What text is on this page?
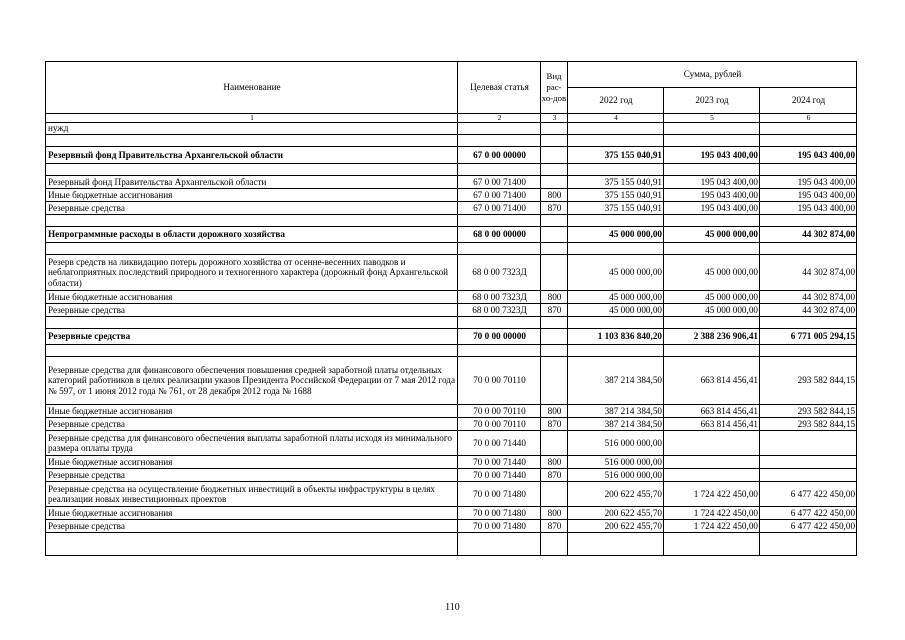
Наименование	Целевая статья	Вид рас-хо-дов	Сумма, рублей		
			2022 год	2023 год	2024 год
1	2	3	4	5	6
нужд					

Резервный фонд Правительства Архангельской области	67 0 00 00000		375 155 040,91	195 043 400,00	195 043 400,00

Резервный фонд Правительства Архангельской области	67 0 00 71400		375 155 040,91	195 043 400,00	195 043 400,00
Иные бюджетные ассигнования	67 0 00 71400	800	375 155 040,91	195 043 400,00	195 043 400,00
Резервные средства	67 0 00 71400	870	375 155 040,91	195 043 400,00	195 043 400,00

Непрограммные расходы в области дорожного хозяйства	68 0 00 00000		45 000 000,00	45 000 000,00	44 302 874,00

Резерв средств на ликвидацию потерь дорожного хозяйства от осенне-весенних паводков и неблагоприятных последствий природного и техногенного характера (дорожный фонд Архангельской области)	68 0 00 7323Д		45 000 000,00	45 000 000,00	44 302 874,00
Иные бюджетные ассигнования	68 0 00 7323Д	800	45 000 000,00	45 000 000,00	44 302 874,00
Резервные средства	68 0 00 7323Д	870	45 000 000,00	45 000 000,00	44 302 874,00

Резервные средства	70 0 00 00000		1 103 836 840,20	2 388 236 906,41	6 771 005 294,15

Резервные средства для финансового обеспечения повышения средней заработной платы отдельных категорий работников в целях реализации указов Президента Российской Федерации от 7 мая 2012 года № 597, от 1 июня 2012 года № 761, от 28 декабря 2012 года № 1688	70 0 00 70110		387 214 384,50	663 814 456,41	293 582 844,15
Иные бюджетные ассигнования	70 0 00 70110	800	387 214 384,50	663 814 456,41	293 582 844,15
Резервные средства	70 0 00 70110	870	387 214 384,50	663 814 456,41	293 582 844,15
Резервные средства для финансового обеспечения выплаты заработной платы исходя из минимального размера оплаты труда	70 0 00 71440		516 000 000,00		
Иные бюджетные ассигнования	70 0 00 71440	800	516 000 000,00		
Резервные средства	70 0 00 71440	870	516 000 000,00		
Резервные средства на осуществление бюджетных инвестиций в объекты инфраструктуры в целях реализации новых инвестиционных проектов	70 0 00 71480		200 622 455,70	1 724 422 450,00	6 477 422 450,00
Иные бюджетные ассигнования	70 0 00 71480	800	200 622 455,70	1 724 422 450,00	6 477 422 450,00
Резервные средства	70 0 00 71480	870	200 622 455,70	1 724 422 450,00	6 477 422 450,00

110
